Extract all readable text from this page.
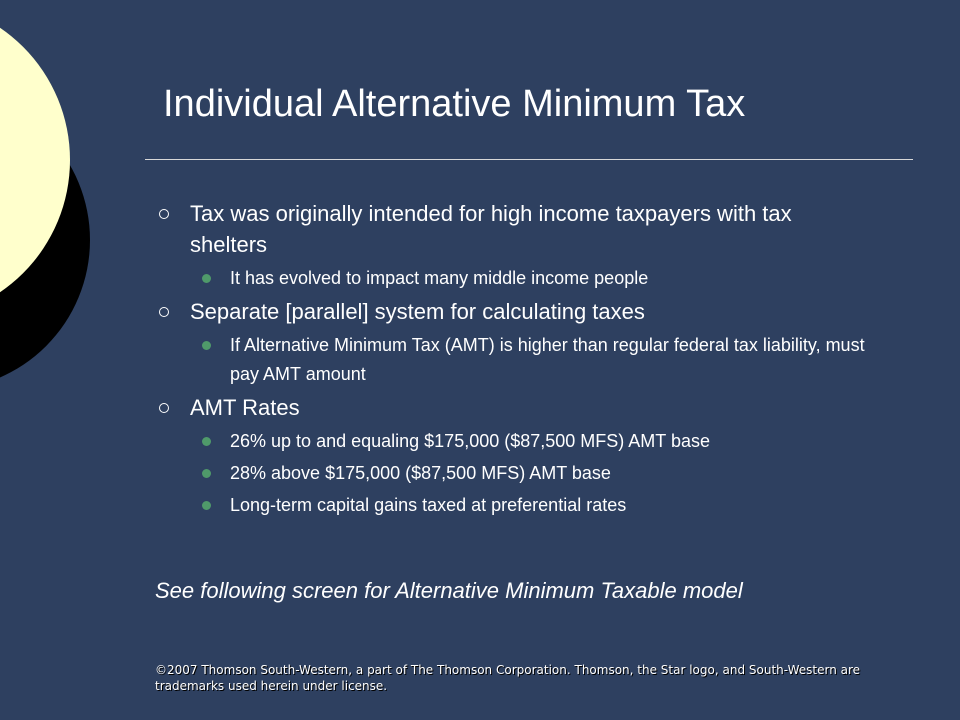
Individual Alternative Minimum Tax
Tax was originally intended for high income taxpayers with tax shelters
It has evolved to impact many middle income people
Separate [parallel] system for calculating taxes
If Alternative Minimum Tax (AMT) is higher than regular federal tax liability, must pay AMT amount
AMT Rates
26% up to and equaling $175,000 ($87,500 MFS) AMT base
28% above $175,000 ($87,500 MFS) AMT base
Long-term capital gains taxed at preferential rates
See following screen for Alternative Minimum Taxable model
©2007 Thomson South-Western, a part of The Thomson Corporation. Thomson, the Star logo, and South-Western are trademarks used herein under license.
